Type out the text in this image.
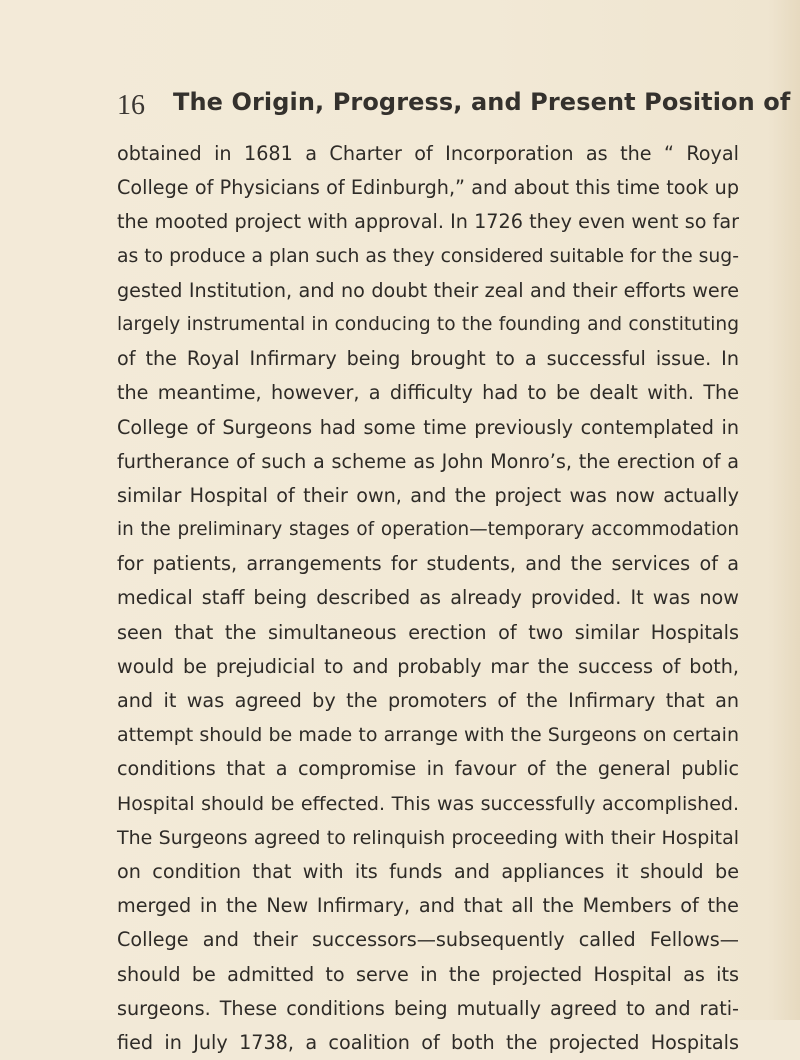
16 The Origin, Progress, and Present Position of
obtained in 1681 a Charter of Incorporation as the “ Royal
College of Physicians of Edinburgh,” and about this time took up
the mooted project with approval. In 1726 they even went so far
as to produce a plan such as they considered suitable for the sug-
gested Institution, and no doubt their zeal and their efforts were
largely instrumental in conducing to the founding and constituting
of the Royal Infirmary being brought to a successful issue. In
the meantime, however, a difficulty had to be dealt with. The
College of Surgeons had some time previously contemplated in
furtherance of such a scheme as John Monro’s, the erection of a
similar Hospital of their own, and the project was now actually
in the preliminary stages of operation—temporary accommodation
for patients, arrangements for students, and the services of a
medical staff being described as already provided. It was now
seen that the simultaneous erection of two similar Hospitals
would be prejudicial to and probably mar the success of both,
and it was agreed by the promoters of the Infirmary that an
attempt should be made to arrange with the Surgeons on certain
conditions that a compromise in favour of the general public
Hospital should be effected. This was successfully accomplished.
The Surgeons agreed to relinquish proceeding with their Hospital
on condition that with its funds and appliances it should be
merged in the New Infirmary, and that all the Members of the
College and their successors—subsequently called Fellows—
should be admitted to serve in the projected Hospital as its
surgeons. These conditions being mutually agreed to and rati-
fied in July 1738, a coalition of both the projected Hospitals
